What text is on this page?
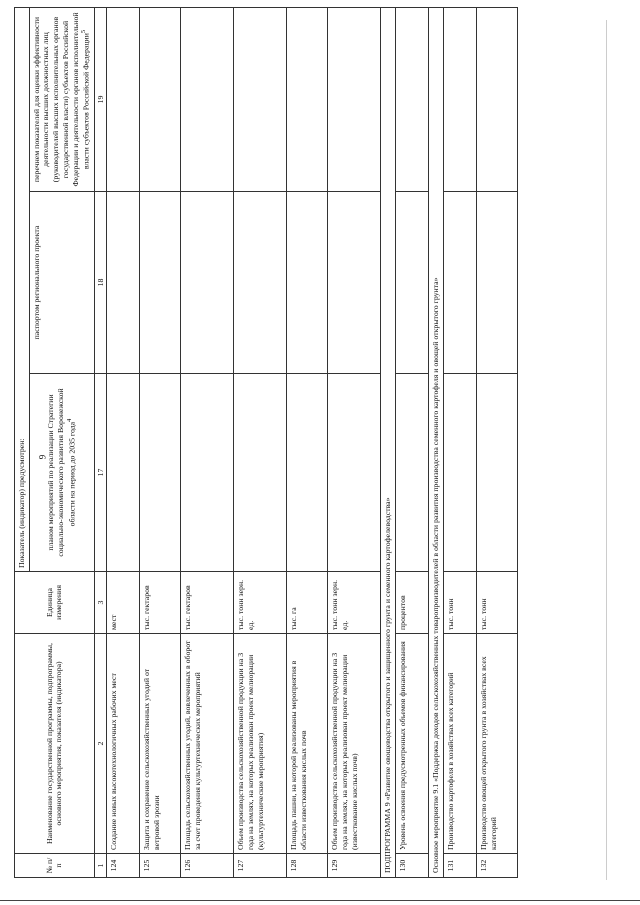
9
№ п/п	Наименование государственной программы, подпрограммы, основного мероприятия, показателя (индикатора)	Единица измерения	Показатель (индикатор) предусмотрен:		
			планом мероприятий по реализации Стратегии социально-экономического развития Воронежской области на период до 2035 года$^4$	паспортом регионального проекта	перечнем показателей для оценки эффективности деятельности высших должностных лиц (руководителей высших исполнительных органов государственной власти) субъектов Российской Федерации и деятельности органов исполнительной власти субъектов Российской Федерации$^5$
1	2	3	17	18	19
124	Создание новых высокотехнологичных рабочих мест	мест			
125	Защита и сохранение сельскохозяйственных угодий от ветровой эрозии	тыс. гектаров			
126	Площадь сельскохозяйственных угодий, вовлеченных в оборот за счет проведения культуртехнических мероприятий	тыс. гектаров			
127	Объем производства сельскохозяйственной продукции на 3 года на землях, на которых реализован проект мелиорации (культуртехнические мероприятия)	тыс. тонн зерн. ед.			
128	Площадь пашни, на которой реализованы мероприятия в области известкования кислых почв	тыс. га			
129	Объем производства сельскохозяйственной продукции на 3 года на землях, на которых реализован проект мелиорации (известкование кислых почв)	тыс. тонн зерн. ед.			
ПОДПРОГРАММА 9 «Развитие овощеводства открытого и защищенного грунта и семенного картофелеводства»					
130	Уровень освоения предусмотренных объемов финансирования	процентов			
Основное мероприятие 9.1 «Поддержка доходов сельскохозяйственных товаропроизводителей в области развития производства семенного картофеля и овощей открытого грунта»					
131	Производство картофеля в хозяйствах всех категорий	тыс. тонн			
132	Производство овощей открытого грунта в хозяйствах всех категорий	тыс. тонн			
